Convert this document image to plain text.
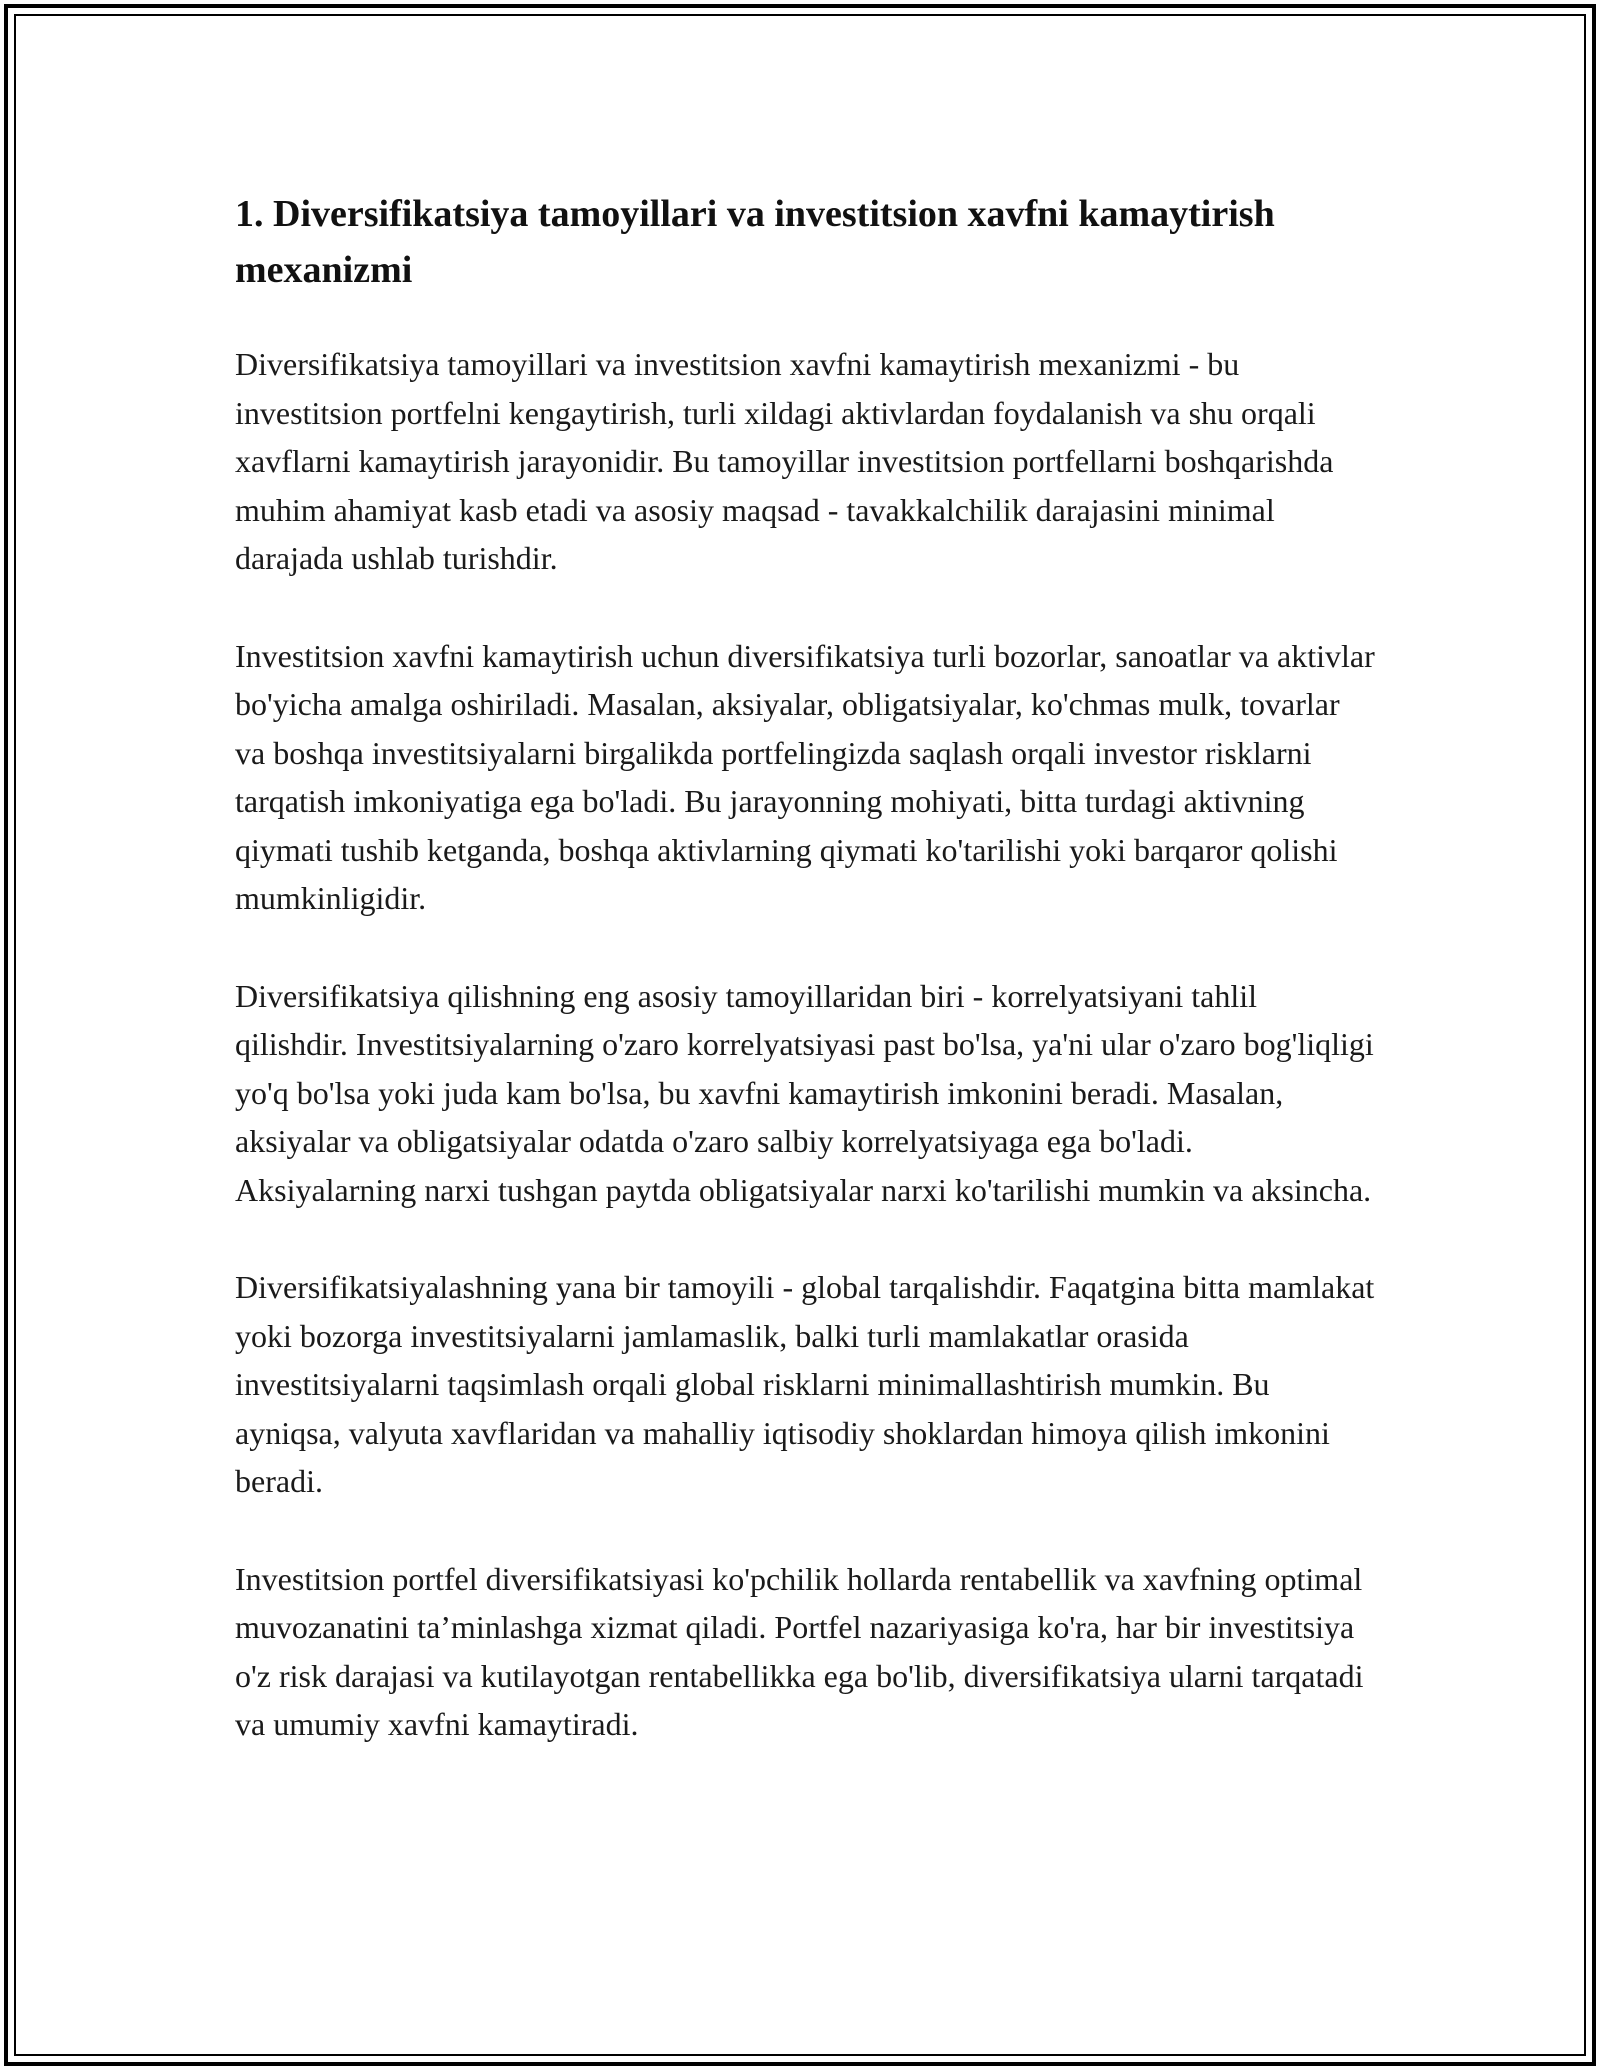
1. Diversifikatsiya tamoyillari va investitsion xavfni kamaytirish mexanizmi

Diversifikatsiya tamoyillari va investitsion xavfni kamaytirish mexanizmi - bu investitsion portfelni kengaytirish, turli xildagi aktivlardan foydalanish va shu orqali xavflarni kamaytirish jarayonidir. Bu tamoyillar investitsion portfellarni boshqarishda muhim ahamiyat kasb etadi va asosiy maqsad - tavakkalchilik darajasini minimal darajada ushlab turishdir.

Investitsion xavfni kamaytirish uchun diversifikatsiya turli bozorlar, sanoatlar va aktivlar bo'yicha amalga oshiriladi. Masalan, aksiyalar, obligatsiyalar, ko'chmas mulk, tovarlar va boshqa investitsiyalarni birgalikda portfelingizda saqlash orqali investor risklarni tarqatish imkoniyatiga ega bo'ladi. Bu jarayonning mohiyati, bitta turdagi aktivning qiymati tushib ketganda, boshqa aktivlarning qiymati ko'tarilishi yoki barqaror qolishi mumkinligidir.

Diversifikatsiya qilishning eng asosiy tamoyillaridan biri - korrelyatsiyani tahlil qilishdir. Investitsiyalarning o'zaro korrelyatsiyasi past bo'lsa, ya'ni ular o'zaro bog'liqligi yo'q bo'lsa yoki juda kam bo'lsa, bu xavfni kamaytirish imkonini beradi. Masalan, aksiyalar va obligatsiyalar odatda o'zaro salbiy korrelyatsiyaga ega bo'ladi. Aksiyalarning narxi tushgan paytda obligatsiyalar narxi ko'tarilishi mumkin va aksincha.

Diversifikatsiyalashning yana bir tamoyili - global tarqalishdir. Faqatgina bitta mamlakat yoki bozorga investitsiyalarni jamlamaslik, balki turli mamlakatlar orasida investitsiyalarni taqsimlash orqali global risklarni minimallashtirish mumkin. Bu ayniqsa, valyuta xavflaridan va mahalliy iqtisodiy shoklardan himoya qilish imkonini beradi.

Investitsion portfel diversifikatsiyasi ko'pchilik hollarda rentabellik va xavfning optimal muvozanatini ta’minlashga xizmat qiladi. Portfel nazariyasiga ko'ra, har bir investitsiya o'z risk darajasi va kutilayotgan rentabellikka ega bo'lib, diversifikatsiya ularni tarqatadi va umumiy xavfni kamaytiradi.
